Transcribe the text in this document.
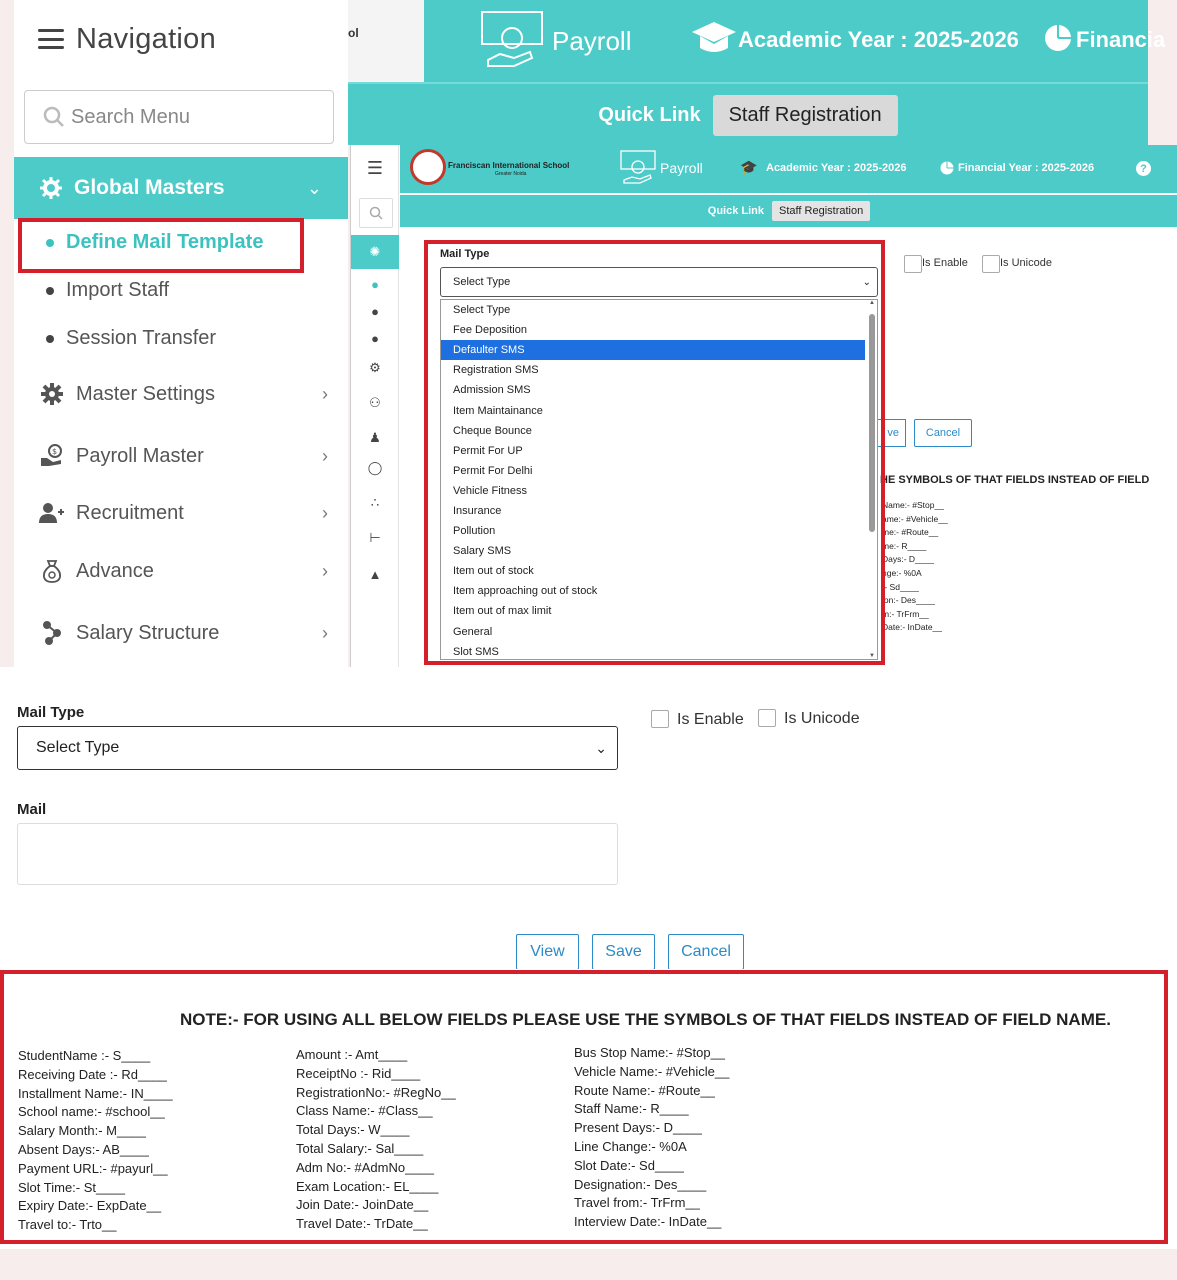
Navigation
Search Menu
Global Masters	⌄
Define Mail Template
Import Staff
Session Transfer
Master Settings	›
$ Payroll Master	›
Recruitment	›
Advance	›
Salary Structure	›
ol	Payroll	Academic Year : 2025-2026	Financia
Quick Link	Staff Registration
☰
✺
●
●
●
⚙
⚇
♟
◯
∴
⊢
▲
Franciscan International School
Greater Noida	Payroll	🎓 Academic Year : 2025-2026	Financial Year : 2025-2026	?
Quick Link	Staff Registration
Mail Type
Select Type	⌄
Is Enable	Is Unicode
ve	Cancel
HE SYMBOLS OF THAT FIELDS INSTEAD OF FIELD
Name:- #Stop__
ame:- #Vehicle__
me:- #Route__
me:- R____
Days:- D____
nge:- %0A
:- Sd____
ion:- Des____
m:- TrFrm__
Date:- InDate__
Select Type
Fee Deposition
Defaulter SMS
Registration SMS
Admission SMS
Item Maintainance
Cheque Bounce
Permit For UP
Permit For Delhi
Vehicle Fitness
Insurance
Pollution
Salary SMS
Item out of stock
Item approaching out of stock
Item out of max limit
General
Slot SMS
▲
▼
Mail Type
Select Type	⌄
Is Enable	Is Unicode
Mail
View	Save	Cancel
NOTE:- FOR USING ALL BELOW FIELDS PLEASE USE THE SYMBOLS OF THAT FIELDS INSTEAD OF FIELD NAME.
StudentName :- S____
Receiving Date :- Rd____
Installment Name:- IN____
School name:- #school__
Salary Month:- M____
Absent Days:- AB____
Payment URL:- #payurl__
Slot Time:- St____
Expiry Date:- ExpDate__
Travel to:- Trto__
Amount :- Amt____
ReceiptNo :- Rid____
RegistrationNo:- #RegNo__
Class Name:- #Class__
Total Days:- W____
Total Salary:- Sal____
Adm No:- #AdmNo____
Exam Location:- EL____
Join Date:- JoinDate__
Travel Date:- TrDate__
Bus Stop Name:- #Stop__
Vehicle Name:- #Vehicle__
Route Name:- #Route__
Staff Name:- R____
Present Days:- D____
Line Change:- %0A
Slot Date:- Sd____
Designation:- Des____
Travel from:- TrFrm__
Interview Date:- InDate__
